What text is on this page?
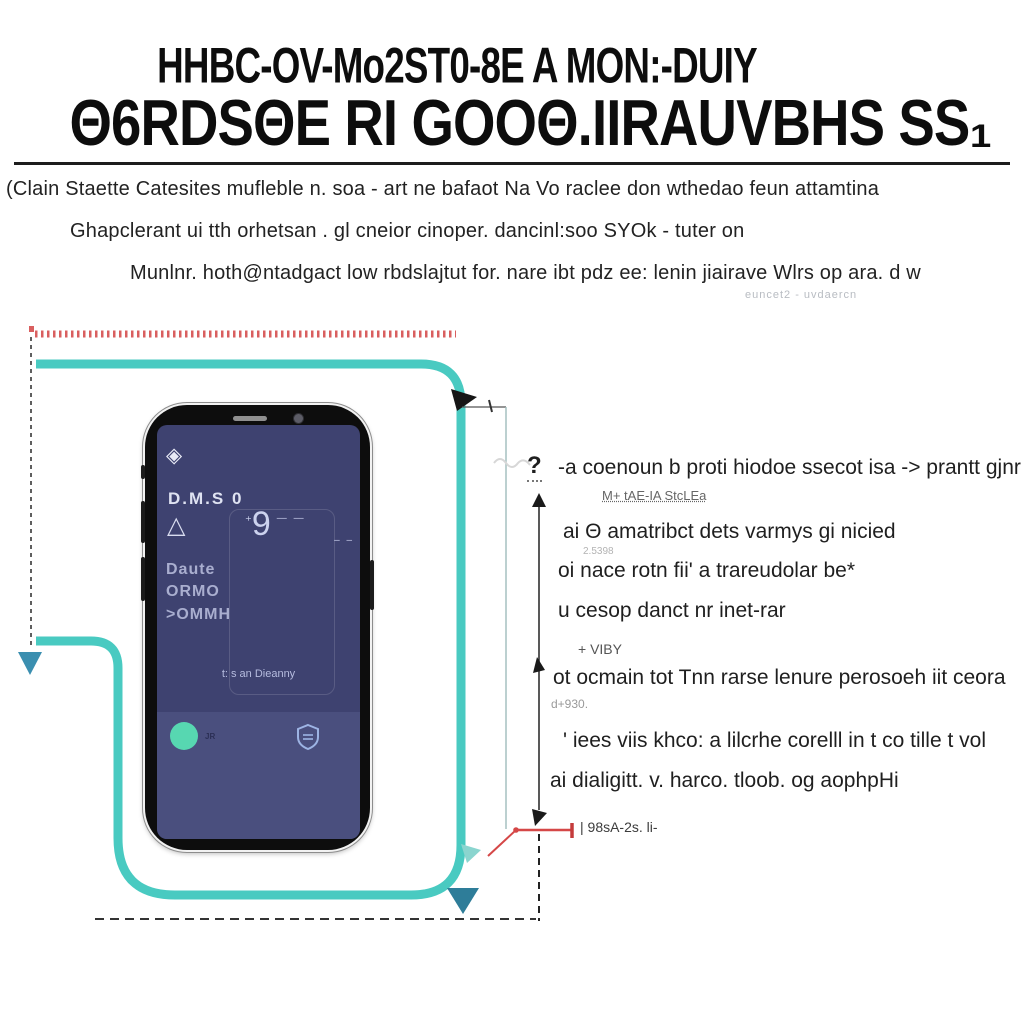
HHBC-OV-Mo2ST0-8E A MON:-DUIY
Θ6RDSΘE RI GOOΘ.IIRAUVBHS SS₁
(Clain Staette Catesites mufleble n. soa - art ne bafaot Na Vo raclee don wthedao feun attamtina
Ghapclerant ui tth orhetsan . gl cneior cinoper. dancinl:soo SYOk - tuter on
Munlnr. hoth@ntadgact low rbdslajtut for. nare ibt pdz ee: lenin jiairave Wlrs op ara. d w
euncet2 - uvdaercn
◈
D.M.S 0
△	⁺ 9 — —

– –
Daute
ORMO
>OMMH
t: s an Dieanny
JR
? -a coenoun b proti hiodoe ssecot isa -> prantt gjnr
M+ tAE-IA StcLEa
ai Θ amatribct dets varmys gi nicied
2.5398
oi nace rotn fii' a trareudolar be*
u cesop danct nr inet-rar
+ VIBY
ot ocmain tot Tnn rarse lenure perosoeh iit ceora
d+930.
' iees viis khco: a lilcrhe corelll in t co tille t vol
ai dialigitt. v. harco. tloob. og aophpHi
| 98sA-2s. li-
